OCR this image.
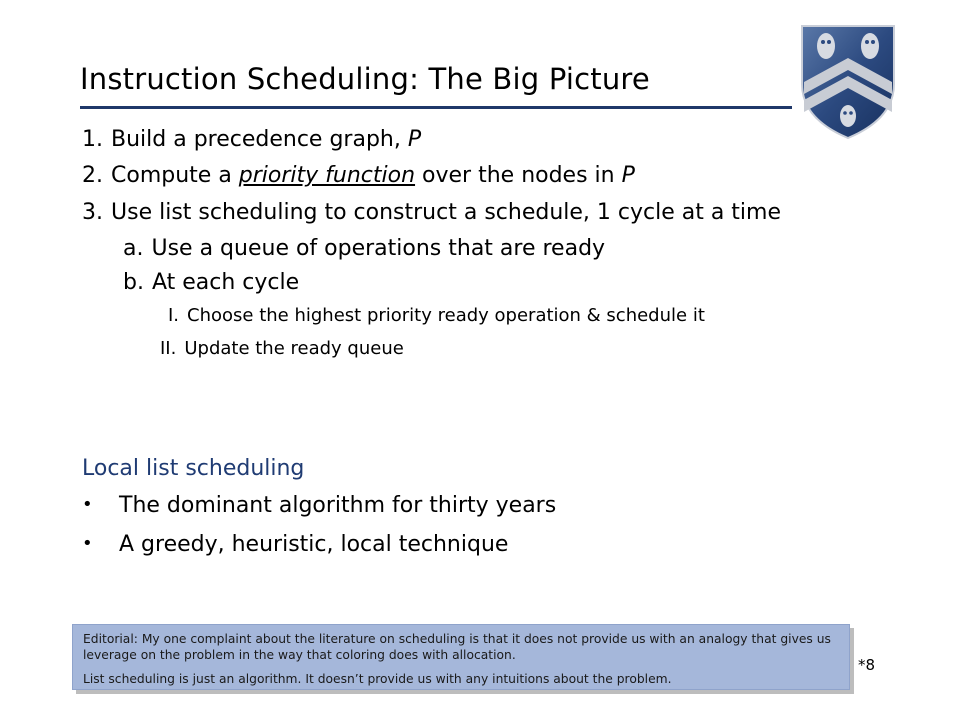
Instruction Scheduling: The Big Picture
1. Build a precedence graph, P
2. Compute a priority function over the nodes in P
3. Use list scheduling to construct a schedule, 1 cycle at a time
a. Use a queue of operations that are ready
b. At each cycle
I. Choose the highest priority ready operation & schedule it
II. Update the ready queue
Local list scheduling
• The dominant algorithm for thirty years
• A greedy, heuristic, local technique
Editorial: My one complaint about the literature on scheduling is that it does not provide us with an analogy that gives us leverage on the problem in the way that coloring does with allocation.
List scheduling is just an algorithm. It doesn’t provide us with any intuitions about the problem.
*8
